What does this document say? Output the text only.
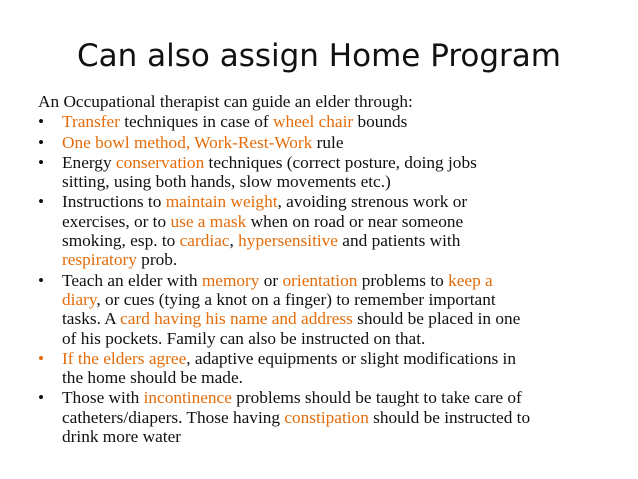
Can also assign Home Program

An Occupational therapist can guide an elder through:

• Transfer techniques in case of wheel chair bounds
• One bowl method, Work-Rest-Work rule
• Energy conservation techniques (correct posture, doing jobs
sitting, using both hands, slow movements etc.)
• Instructions to maintain weight, avoiding strenous work or
exercises, or to use a mask when on road or near someone
smoking, esp. to cardiac, hypersensitive and patients with
respiratory prob.
• Teach an elder with memory or orientation problems to keep a
diary, or cues (tying a knot on a finger) to remember important
tasks. A card having his name and address should be placed in one
of his pockets. Family can also be instructed on that.
• If the elders agree, adaptive equipments or slight modifications in
the home should be made.
• Those with incontinence problems should be taught to take care of
catheters/diapers. Those having constipation should be instructed to
drink more water
